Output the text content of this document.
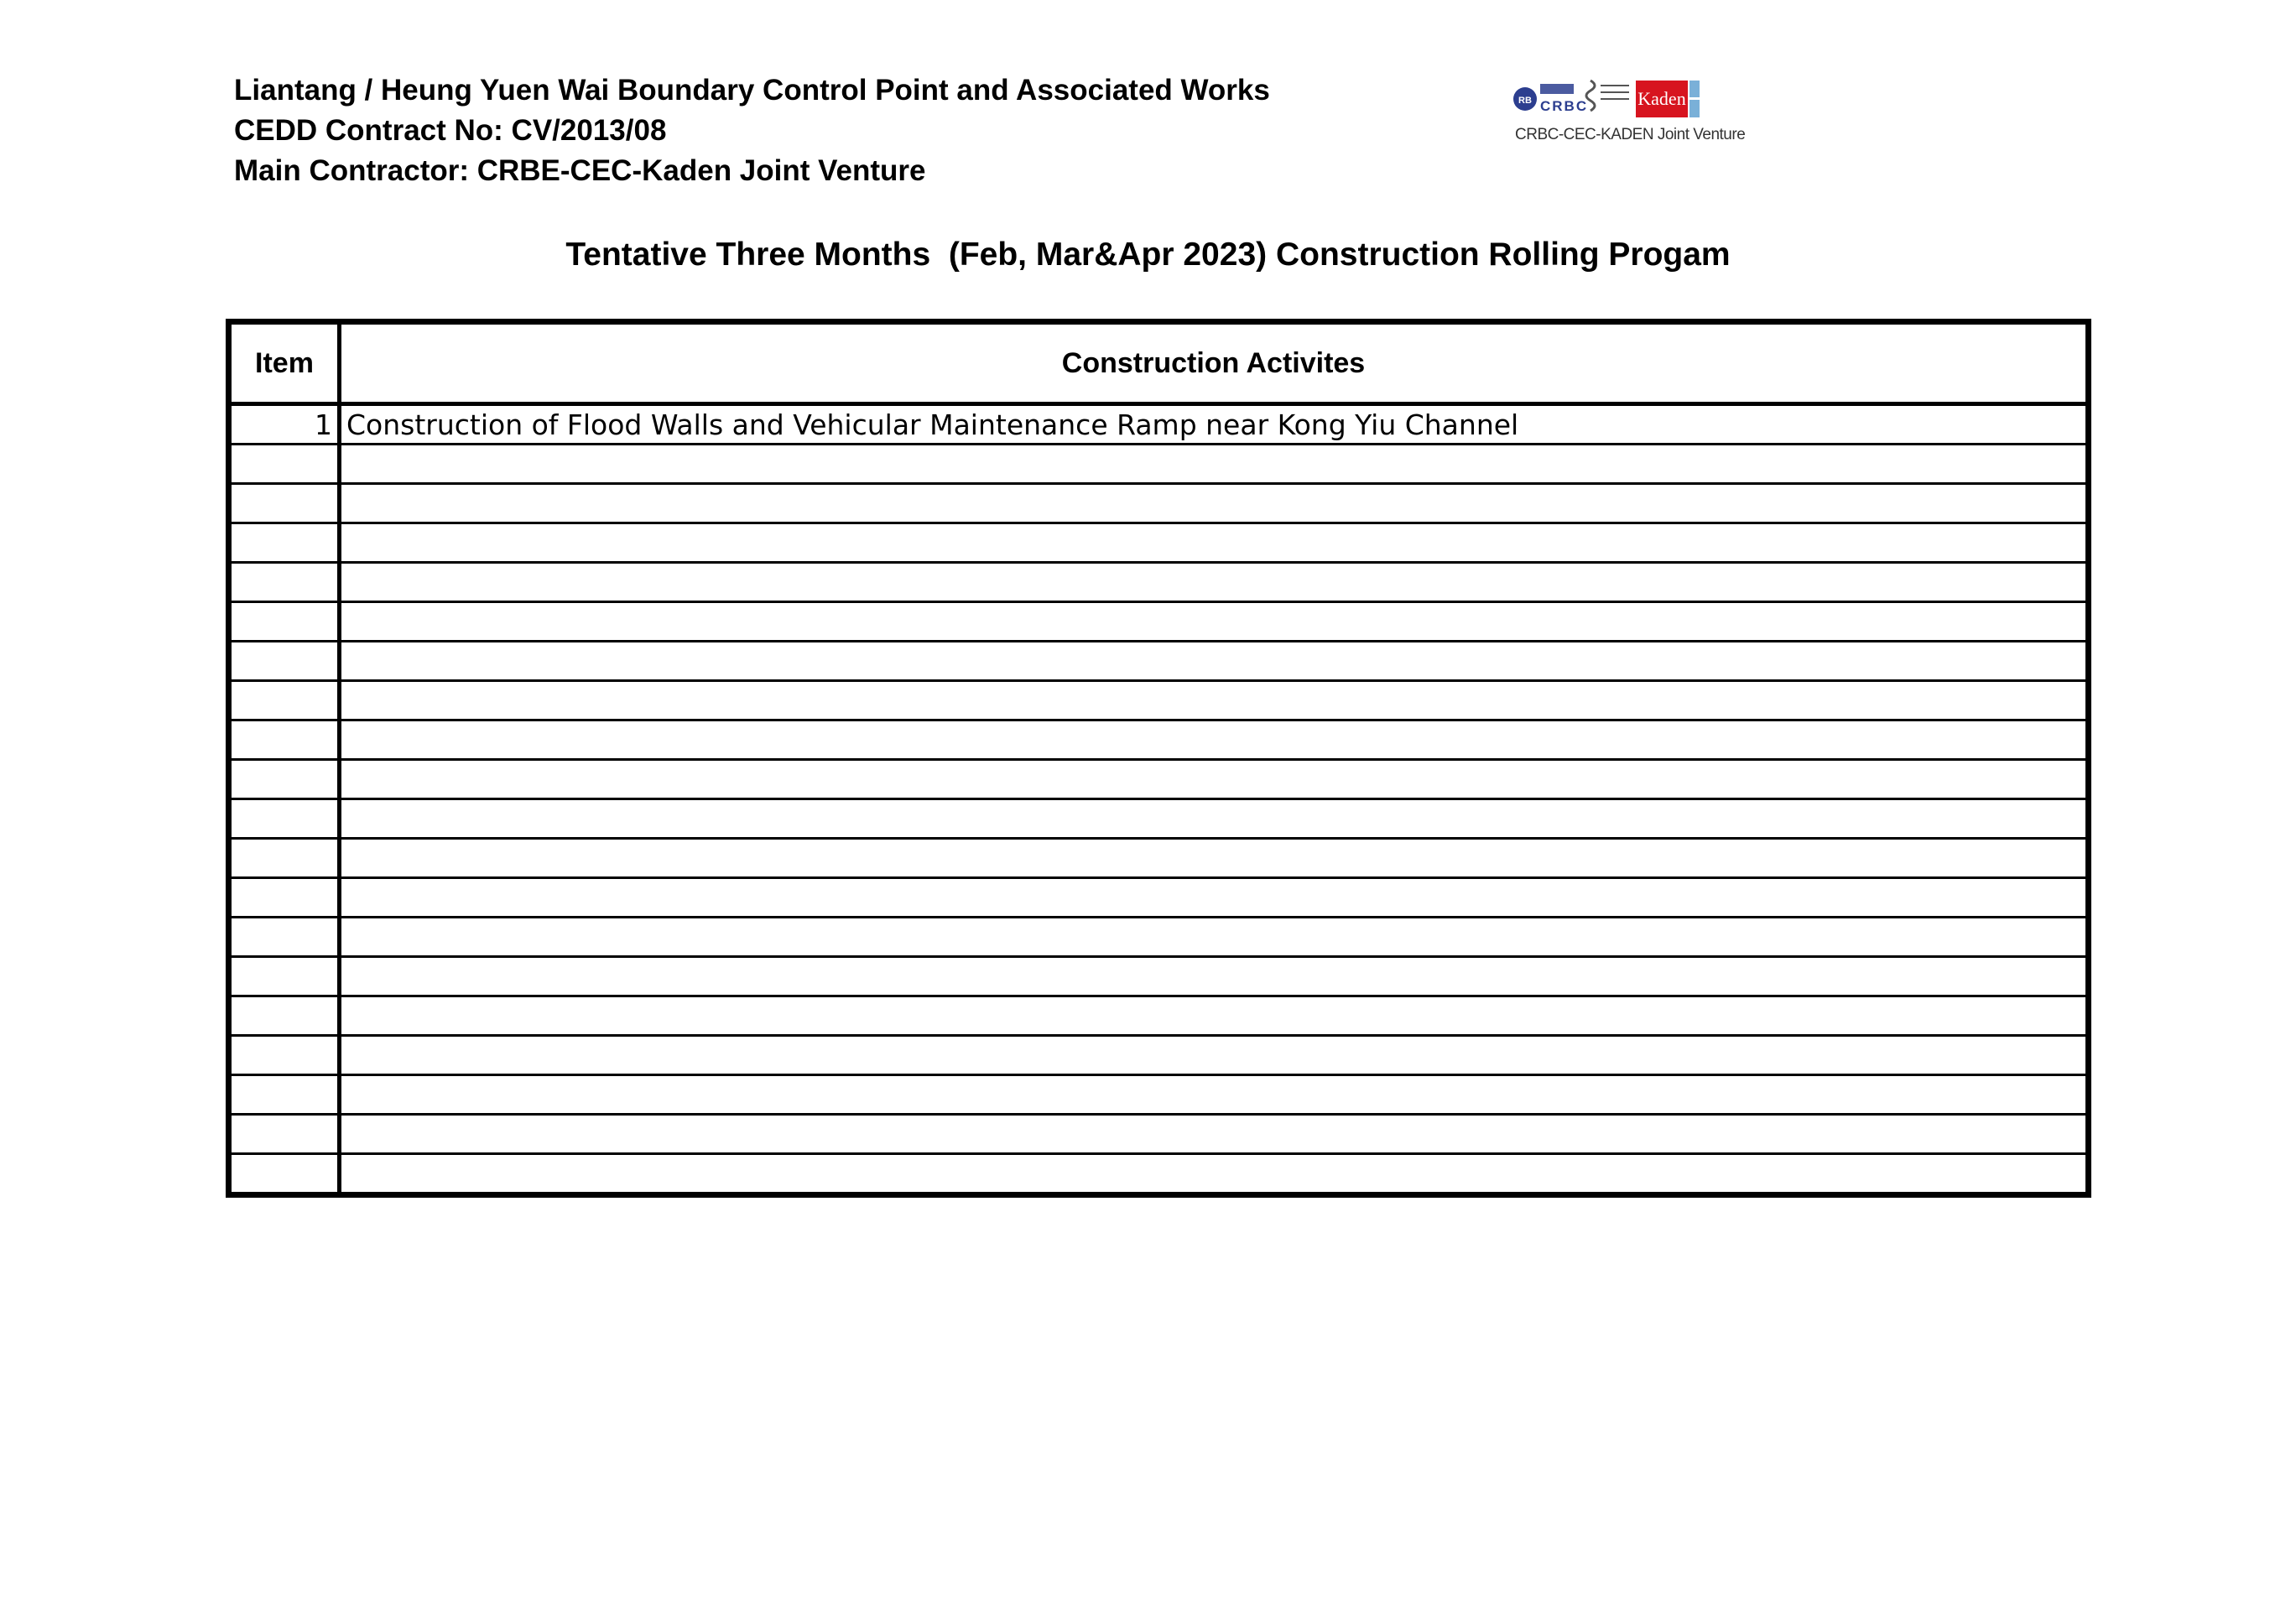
Liantang / Heung Yuen Wai Boundary Control Point and Associated Works
CEDD Contract No: CV/2013/08
Main Contractor: CRBE-CEC-Kaden Joint Venture
RB CRBC	Kaden
CRBC-CEC-KADEN Joint Venture
Tentative Three Months  (Feb, Mar&Apr 2023) Construction Rolling Progam
Item	Construction Activites
1	Construction of Flood Walls and Vehicular Maintenance Ramp near Kong Yiu Channel
